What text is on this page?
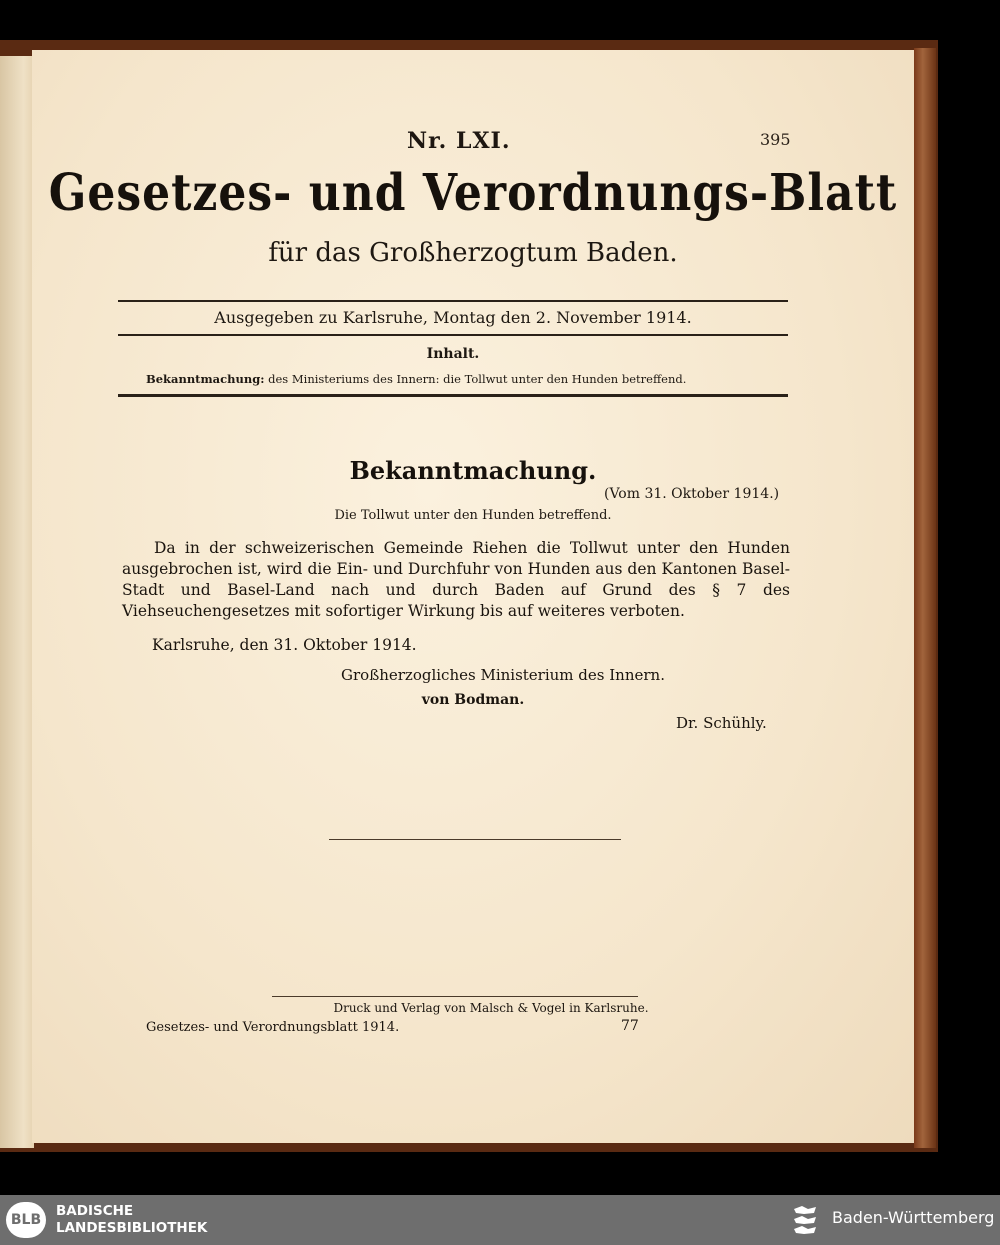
Nr. LXI.	395
Gesetzes- und Verordnungs-Blatt
für das Großherzogtum Baden.
Ausgegeben zu Karlsruhe, Montag den 2. November 1914.
Inhalt.
Bekanntmachung: des Ministeriums des Innern: die Tollwut unter den Hunden betreffend.
Bekanntmachung.
(Vom 31. Oktober 1914.)
Die Tollwut unter den Hunden betreffend.
Da in der schweizerischen Gemeinde Riehen die Tollwut unter den Hunden ausgebrochen ist, wird die Ein- und Durchfuhr von Hunden aus den Kantonen Basel-Stadt und Basel-Land nach und durch Baden auf Grund des § 7 des Viehseuchengesetzes mit sofortiger Wirkung bis auf weiteres verboten.
Karlsruhe, den 31. Oktober 1914.
Großherzogliches Ministerium des Innern.
von Bodman.
Dr. Schühly.
Druck und Verlag von Malsch & Vogel in Karlsruhe.
Gesetzes- und Verordnungsblatt 1914.	77
BLB
BADISCHE
LANDESBIBLIOTHEK
Baden-Württemberg
